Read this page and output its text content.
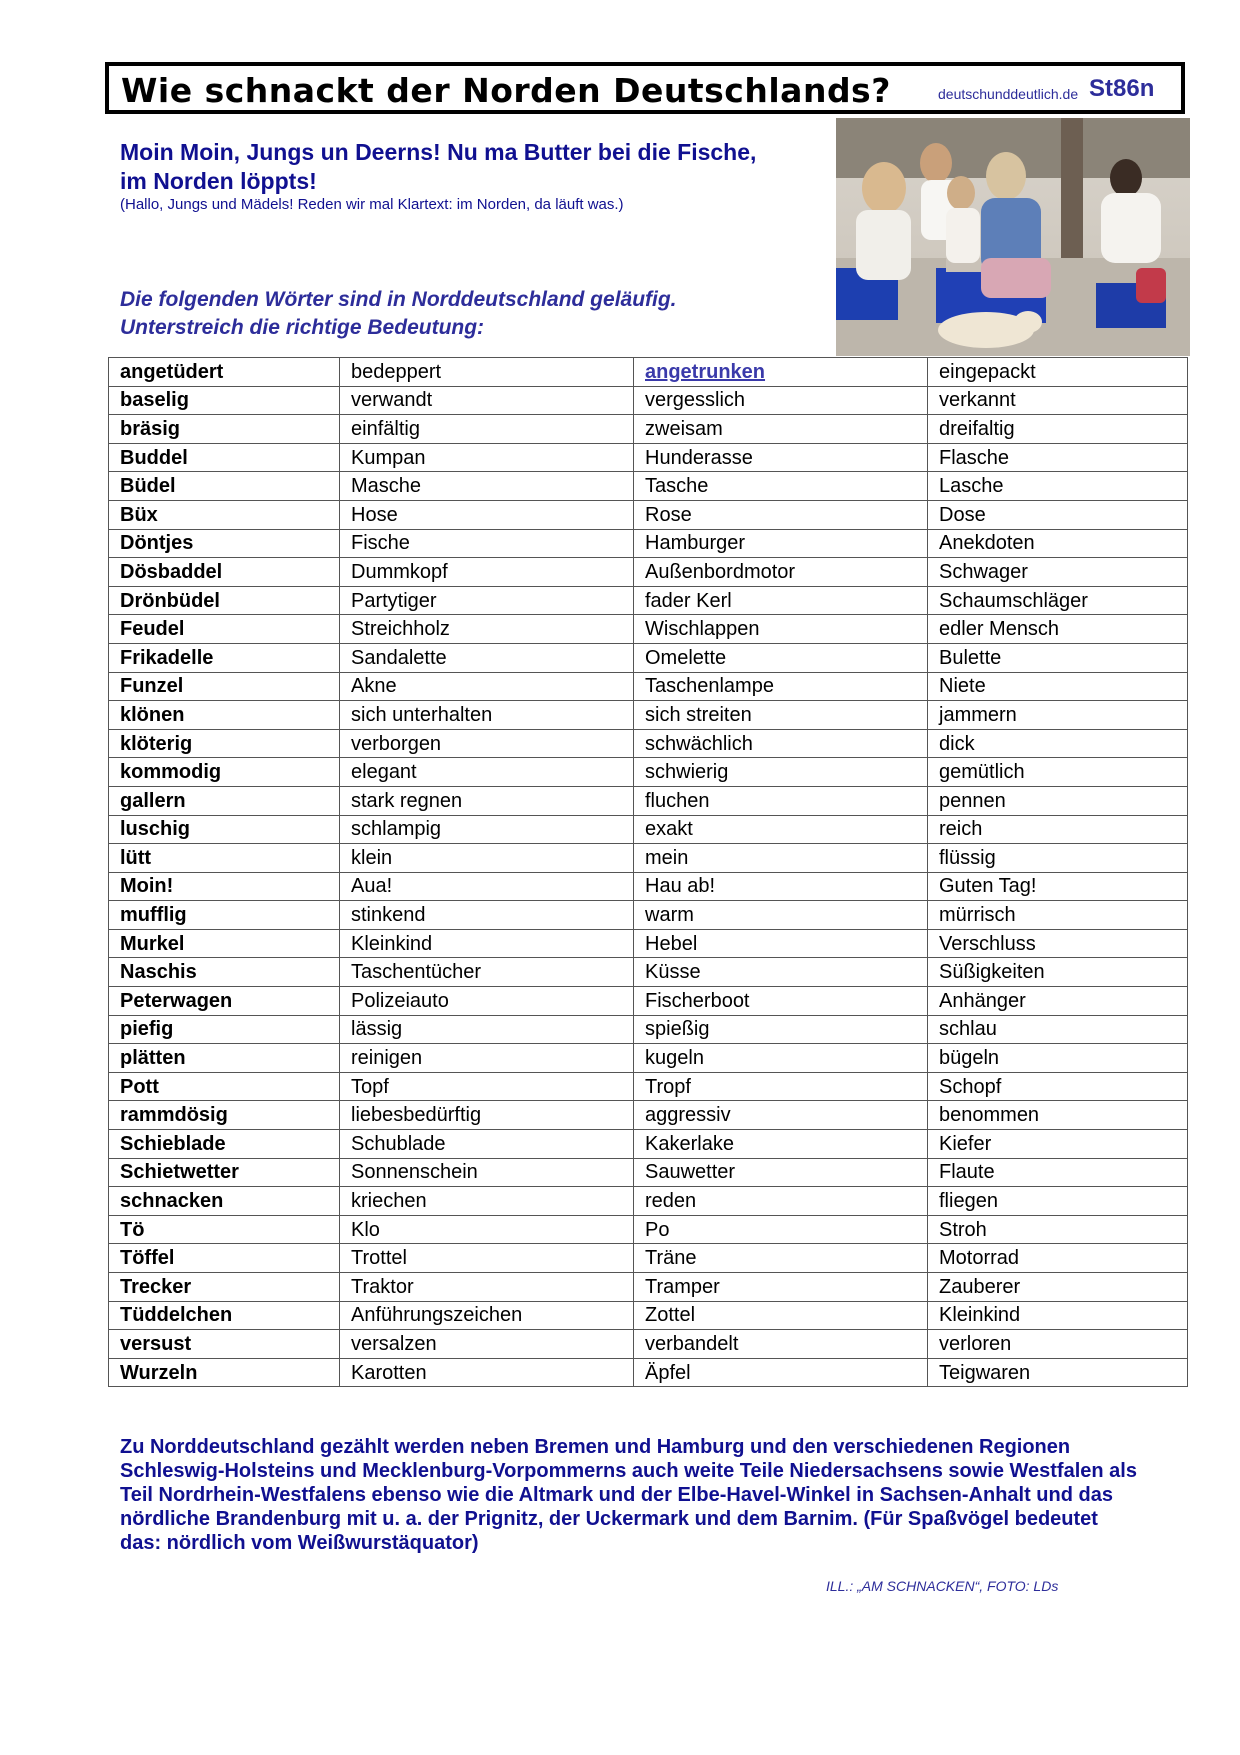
Wie schnackt der Norden Deutschlands?	deutschunddeutlich.de St86n
Moin Moin, Jungs un Deerns! Nu ma Butter bei die Fische,
im Norden löppts!
(Hallo, Jungs und Mädels! Reden wir mal Klartext: im Norden, da läuft was.)
Die folgenden Wörter sind in Norddeutschland geläufig.
Unterstreich die richtige Bedeutung:
angetüdert	bedeppert	angetrunken	eingepackt
baselig	verwandt	vergesslich	verkannt
bräsig	einfältig	zweisam	dreifaltig
Buddel	Kumpan	Hunderasse	Flasche
Büdel	Masche	Tasche	Lasche
Büx	Hose	Rose	Dose
Döntjes	Fische	Hamburger	Anekdoten
Dösbaddel	Dummkopf	Außenbordmotor	Schwager
Drönbüdel	Partytiger	fader Kerl	Schaumschläger
Feudel	Streichholz	Wischlappen	edler Mensch
Frikadelle	Sandalette	Omelette	Bulette
Funzel	Akne	Taschenlampe	Niete
klönen	sich unterhalten	sich streiten	jammern
klöterig	verborgen	schwächlich	dick
kommodig	elegant	schwierig	gemütlich
gallern	stark regnen	fluchen	pennen
luschig	schlampig	exakt	reich
lütt	klein	mein	flüssig
Moin!	Aua!	Hau ab!	Guten Tag!
mufflig	stinkend	warm	mürrisch
Murkel	Kleinkind	Hebel	Verschluss
Naschis	Taschentücher	Küsse	Süßigkeiten
Peterwagen	Polizeiauto	Fischerboot	Anhänger
piefig	lässig	spießig	schlau
plätten	reinigen	kugeln	bügeln
Pott	Topf	Tropf	Schopf
rammdösig	liebesbedürftig	aggressiv	benommen
Schieblade	Schublade	Kakerlake	Kiefer
Schietwetter	Sonnenschein	Sauwetter	Flaute
schnacken	kriechen	reden	fliegen
Tö	Klo	Po	Stroh
Töffel	Trottel	Träne	Motorrad
Trecker	Traktor	Tramper	Zauberer
Tüddelchen	Anführungszeichen	Zottel	Kleinkind
versust	versalzen	verbandelt	verloren
Wurzeln	Karotten	Äpfel	Teigwaren
Zu Norddeutschland gezählt werden neben Bremen und Hamburg und den verschiedenen Regionen
Schleswig-Holsteins und Mecklenburg-Vorpommerns auch weite Teile Niedersachsens sowie Westfalen als
Teil Nordrhein-Westfalens ebenso wie die Altmark und der Elbe-Havel-Winkel in Sachsen-Anhalt und das
nördliche Brandenburg mit u. a. der Prignitz, der Uckermark und dem Barnim. (Für Spaßvögel bedeutet
das: nördlich vom Weißwurstäquator)
ILL.: „AM SCHNACKEN“, FOTO: LDs
